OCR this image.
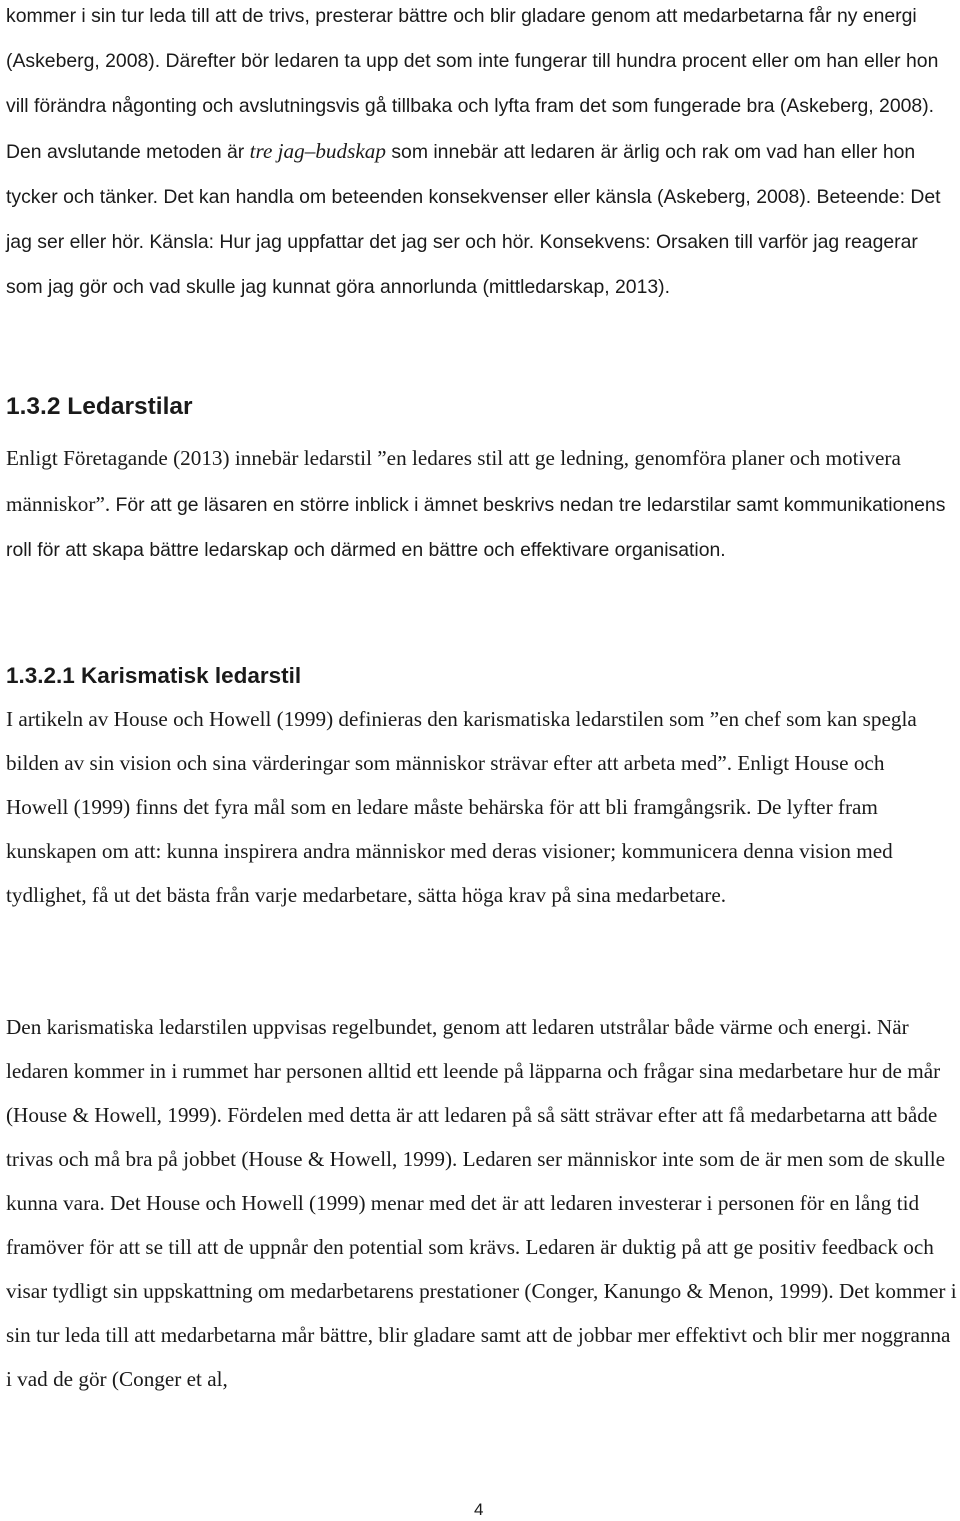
kommer i sin tur leda till att de trivs, presterar bättre och blir gladare genom att medarbetarna får ny energi (Askeberg, 2008). Därefter bör ledaren ta upp det som inte fungerar till hundra procent eller om han eller hon vill förändra någonting och avslutningsvis gå tillbaka och lyfta fram det som fungerade bra (Askeberg, 2008). Den avslutande metoden är tre jag–budskap som innebär att ledaren är ärlig och rak om vad han eller hon tycker och tänker. Det kan handla om beteenden konsekvenser eller känsla (Askeberg, 2008). Beteende: Det jag ser eller hör. Känsla: Hur jag uppfattar det jag ser och hör. Konsekvens: Orsaken till varför jag reagerar som jag gör och vad skulle jag kunnat göra annorlunda (mittledarskap, 2013).

1.3.2 Ledarstilar

Enligt Företagande (2013) innebär ledarstil ”en ledares stil att ge ledning, genomföra planer och motivera människor”. För att ge läsaren en större inblick i ämnet beskrivs nedan tre ledarstilar samt kommunikationens roll för att skapa bättre ledarskap och därmed en bättre och effektivare organisation.

1.3.2.1 Karismatisk ledarstil

I artikeln av House och Howell (1999) definieras den karismatiska ledarstilen som ”en chef som kan spegla bilden av sin vision och sina värderingar som människor strävar efter att arbeta med”. Enligt House och Howell (1999) finns det fyra mål som en ledare måste behärska för att bli framgångsrik. De lyfter fram kunskapen om att: kunna inspirera andra människor med deras visioner; kommunicera denna vision med tydlighet, få ut det bästa från varje medarbetare, sätta höga krav på sina medarbetare.

Den karismatiska ledarstilen uppvisas regelbundet, genom att ledaren utstrålar både värme och energi. När ledaren kommer in i rummet har personen alltid ett leende på läpparna och frågar sina medarbetare hur de mår (House & Howell, 1999). Fördelen med detta är att ledaren på så sätt strävar efter att få medarbetarna att både trivas och må bra på jobbet (House & Howell, 1999). Ledaren ser människor inte som de är men som de skulle kunna vara. Det House och Howell (1999) menar med det är att ledaren investerar i personen för en lång tid framöver för att se till att de uppnår den potential som krävs. Ledaren är duktig på att ge positiv feedback och visar tydligt sin uppskattning om medarbetarens prestationer (Conger, Kanungo & Menon, 1999). Det kommer i sin tur leda till att medarbetarna mår bättre, blir gladare samt att de jobbar mer effektivt och blir mer noggranna i vad de gör (Conger et al,

4
